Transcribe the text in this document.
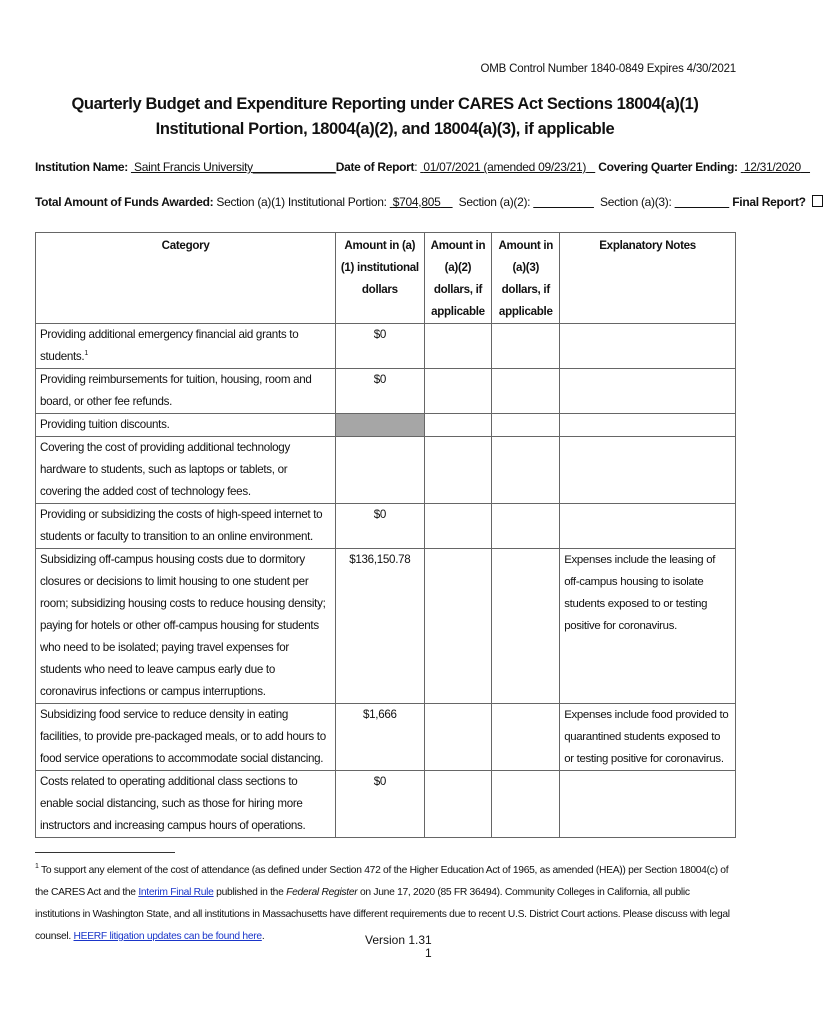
OMB Control Number 1840-0849 Expires 4/30/2021
Quarterly Budget and Expenditure Reporting under CARES Act Sections 18004(a)(1) Institutional Portion, 18004(a)(2), and 18004(a)(3), if applicable
Institution Name: Saint Francis University_____________Date of Report:  01/07/2021 (amended 09/23/21) Covering Quarter Ending: 12/31/2020
Total Amount of Funds Awarded: Section (a)(1) Institutional Portion: $704,805 Section (a)(2):	Section (a)(3):	Final Report?
Category	Amount in (a)(1) institutional dollars	Amount in (a)(2) dollars, if applicable	Amount in (a)(3) dollars, if applicable	Explanatory Notes
Providing additional emergency financial aid grants to students.$^1$	$0			
Providing reimbursements for tuition, housing, room and board, or other fee refunds.	$0			
Providing tuition discounts.				
Covering the cost of providing additional technology hardware to students, such as laptops or tablets, or covering the added cost of technology fees.				
Providing or subsidizing the costs of high-speed internet to students or faculty to transition to an online environment.	$0			
Subsidizing off-campus housing costs due to dormitory closures or decisions to limit housing to one student per room; subsidizing housing costs to reduce housing density; paying for hotels or other off-campus housing for students who need to be isolated; paying travel expenses for students who need to leave campus early due to coronavirus infections or campus interruptions.	$136,150.78			Expenses include the leasing of off-campus housing to isolate students exposed to or testing positive for coronavirus.
Subsidizing food service to reduce density in eating facilities, to provide pre-packaged meals, or to add hours to food service operations to accommodate social distancing.	$1,666			Expenses include food provided to quarantined students exposed to or testing positive for coronavirus.
Costs related to operating additional class sections to enable social distancing, such as those for hiring more instructors and increasing campus hours of operations.	$0			
$^1$ To support any element of the cost of attendance (as defined under Section 472 of the Higher Education Act of 1965, as amended (HEA)) per Section 18004(c) of the CARES Act and the Interim Final Rule published in the Federal Register on June 17, 2020 (85 FR 36494). Community Colleges in California, all public institutions in Washington State, and all institutions in Massachusetts have different requirements due to recent U.S. District Court actions. Please discuss with legal counsel. HEERF litigation updates can be found here.	Version 1.31
1
